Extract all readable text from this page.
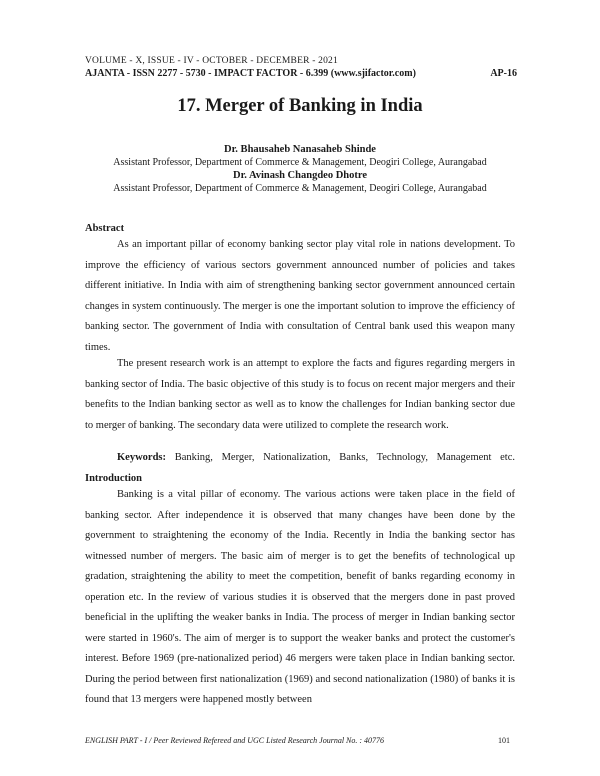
VOLUME - X, ISSUE - IV - OCTOBER - DECEMBER - 2021
AJANTA - ISSN 2277 - 5730 - IMPACT FACTOR - 6.399 (www.sjifactor.com)	AP-16
17. Merger of Banking in India
Dr. Bhausaheb Nanasaheb Shinde
Assistant Professor, Department of Commerce & Management, Deogiri College, Aurangabad
Dr. Avinash Changdeo Dhotre
Assistant Professor, Department of Commerce & Management, Deogiri College, Aurangabad
Abstract

As an important pillar of economy banking sector play vital role in nations development. To improve the efficiency of various sectors government announced number of policies and takes different initiative. In India with aim of strengthening banking sector government announced certain changes in system continuously. The merger is one the important solution to improve the efficiency of banking sector. The government of India with consultation of Central bank used this weapon many times.

The present research work is an attempt to explore the facts and figures regarding mergers in banking sector of India. The basic objective of this study is to focus on recent major mergers and their benefits to the Indian banking sector as well as to know the challenges for Indian banking sector due to merger of banking. The secondary data were utilized to complete the research work.

Keywords: Banking, Merger, Nationalization, Banks, Technology, Management etc.

Introduction

Banking is a vital pillar of economy. The various actions were taken place in the field of banking sector. After independence it is observed that many changes have been done by the government to straightening the economy of the India. Recently in India the banking sector has witnessed number of mergers. The basic aim of merger is to get the benefits of technological up gradation, straightening the ability to meet the competition, benefit of banks regarding economy in operation etc. In the review of various studies it is observed that the mergers done in past proved beneficial in the uplifting the weaker banks in India. The process of merger in Indian banking sector were started in 1960's. The aim of merger is to support the weaker banks and protect the customer's interest. Before 1969 (pre-nationalized period) 46 mergers were taken place in Indian banking sector. During the period between first nationalization (1969) and second nationalization (1980) of banks it is found that 13 mergers were happened mostly between

ENGLISH PART - I / Peer Reviewed Refereed and UGC Listed Research Journal No. : 40776	101
